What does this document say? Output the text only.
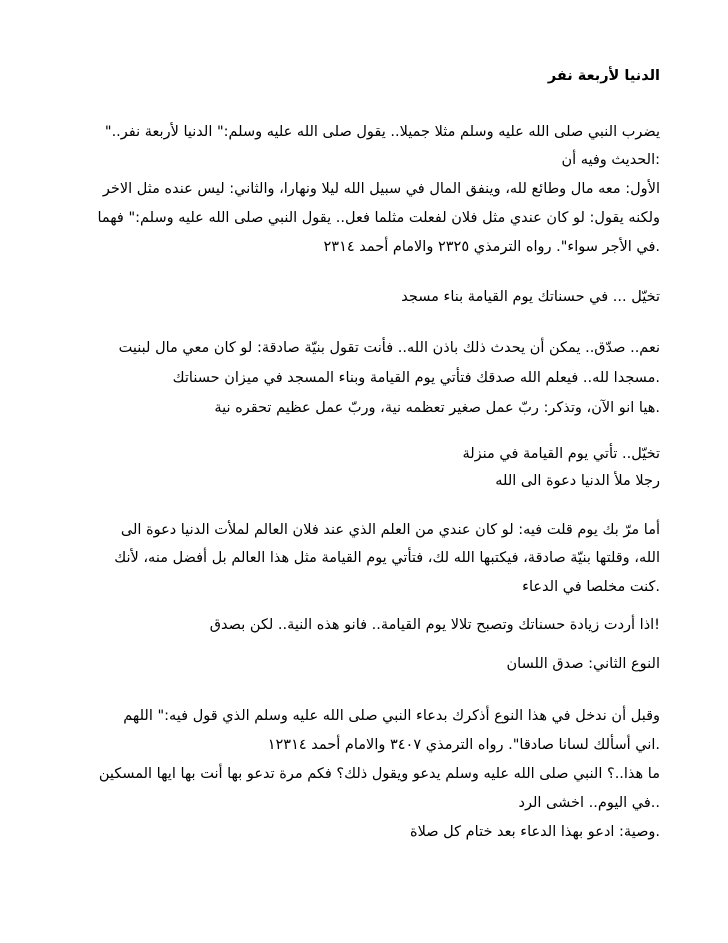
الدنيا لأربعة نفر
يضرب النبي صلى الله عليه وسلم مثلا جميلا.. يقول صلى الله عليه وسلم:" الدنيا لأربعة نفر.."
:الحديث وفيه أن
الأول: معه مال وطائع لله، وينفق المال في سبيل الله ليلا ونهارا، والثاني: ليس عنده مثل الاخر
ولكنه يقول: لو كان عندي مثل فلان لفعلت مثلما فعل.. يقول النبي صلى الله عليه وسلم:" فهما
.في الأجر سواء". رواه الترمذي ٢٣٢٥ والامام أحمد ٢٣١٤
تخيّل ... في حسناتك يوم القيامة بناء مسجد
نعم.. صدّق.. يمكن أن يحدث ذلك باذن الله.. فأنت تقول بنيّة صادقة: لو كان معي مال لبنيت
.مسجدا لله.. فيعلم الله صدقك فتأتي يوم القيامة وبناء المسجد في ميزان حسناتك
.هيا انو الآن، وتذكر: ربّ عمل صغير تعظمه نية، وربّ عمل عظيم تحقره نية
تخيّل.. تأتي يوم القيامة في منزلة
رجلا ملأ الدنيا دعوة الى الله
أما مرّ بك يوم قلت فيه: لو كان عندي من العلم الذي عند فلان العالم لملأت الدنيا دعوة الى
الله، وقلتها بنيّة صادقة، فيكتبها الله لك، فتأتي يوم القيامة مثل هذا العالم بل أفضل منه، لأنك
.كنت مخلصا في الدعاء
!اذا أردت زيادة حسناتك وتصبح تلالا يوم القيامة.. فانو هذه النية.. لكن بصدق
النوع الثاني: صدق اللسان
وقبل أن ندخل في هذا النوع أذكرك بدعاء النبي صلى الله عليه وسلم الذي قول فيه:" اللهم
.اني أسألك لسانا صادقا". رواه الترمذي ٣٤٠٧ والامام أحمد ١٢٣١٤
ما هذا..؟ النبي صلى الله عليه وسلم يدعو ويقول ذلك؟ فكم مرة تدعو بها أنت بها ايها المسكين
..في اليوم.. اخشى الرد
.وصية: ادعو بهذا الدعاء بعد ختام كل صلاة
